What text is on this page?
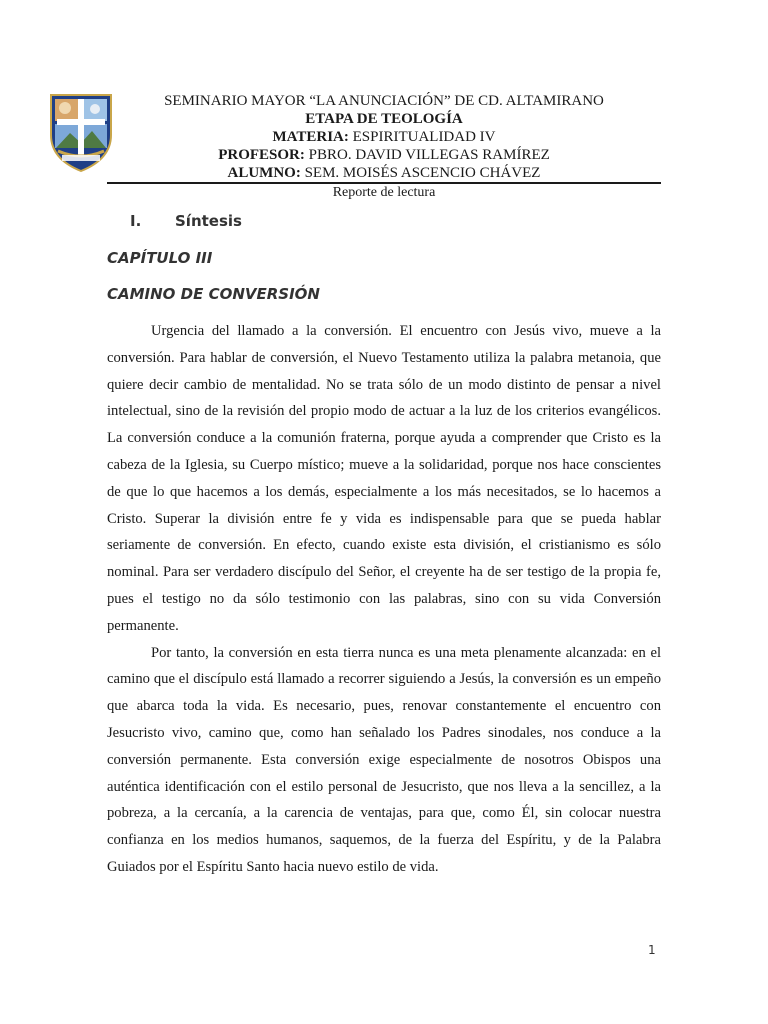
SEMINARIO MAYOR “LA ANUNCIACIÓN” DE CD. ALTAMIRANO
ETAPA DE TEOLOGÍA
MATERIA: ESPIRITUALIDAD IV
PROFESOR: PBRO. DAVID VILLEGAS RAMÍREZ
ALUMNO: SEM. MOISÉS ASCENCIO CHÁVEZ
Reporte de lectura
I. Síntesis
CAPÍTULO III
CAMINO DE CONVERSIÓN

Urgencia del llamado a la conversión. El encuentro con Jesús vivo, mueve a la conversión. Para hablar de conversión, el Nuevo Testamento utiliza la palabra metanoia, que quiere decir cambio de mentalidad. No se trata sólo de un modo distinto de pensar a nivel intelectual, sino de la revisión del propio modo de actuar a la luz de los criterios evangélicos. La conversión conduce a la comunión fraterna, porque ayuda a comprender que Cristo es la cabeza de la Iglesia, su Cuerpo místico; mueve a la solidaridad, porque nos hace conscientes de que lo que hacemos a los demás, especialmente a los más necesitados, se lo hacemos a Cristo. Superar la división entre fe y vida es indispensable para que se pueda hablar seriamente de conversión. En efecto, cuando existe esta división, el cristianismo es sólo nominal. Para ser verdadero discípulo del Señor, el creyente ha de ser testigo de la propia fe, pues el testigo no da sólo testimonio con las palabras, sino con su vida Conversión permanente.

Por tanto, la conversión en esta tierra nunca es una meta plenamente alcanzada: en el camino que el discípulo está llamado a recorrer siguiendo a Jesús, la conversión es un empeño que abarca toda la vida. Es necesario, pues, renovar constantemente el encuentro con Jesucristo vivo, camino que, como han señalado los Padres sinodales, nos conduce a la conversión permanente. Esta conversión exige especialmente de nosotros Obispos una auténtica identificación con el estilo personal de Jesucristo, que nos lleva a la sencillez, a la pobreza, a la cercanía, a la carencia de ventajas, para que, como Él, sin colocar nuestra confianza en los medios humanos, saquemos, de la fuerza del Espíritu, y de la Palabra Guiados por el Espíritu Santo hacia nuevo estilo de vida.

1
